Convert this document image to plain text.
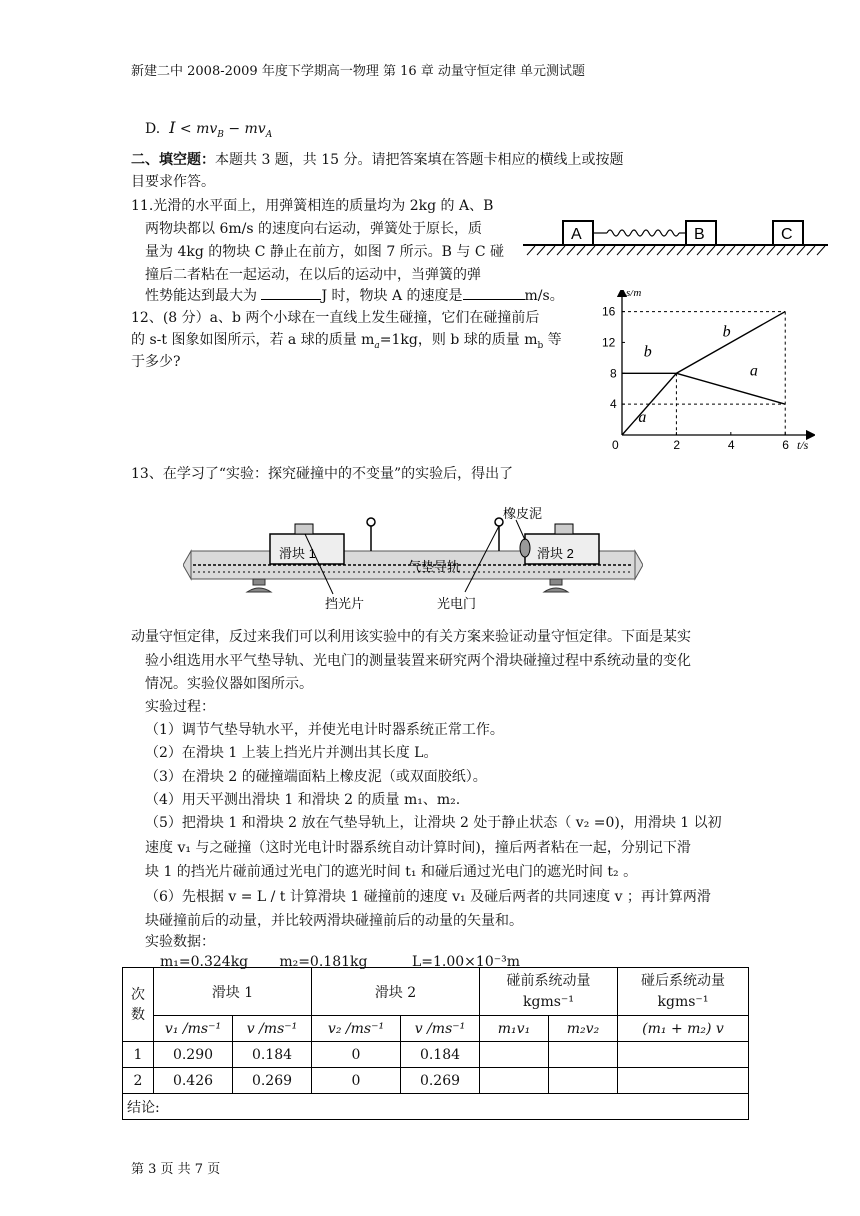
新建二中 2008-2009 年度下学期高一物理 第 16 章 动量守恒定律 单元测试题
D. $I < mv_B - mv_A$
二、填空题：本题共 3 题，共 15 分。请把答案填在答题卡相应的横线上或按题
目要求作答。
11.光滑的水平面上，用弹簧相连的质量均为 2kg 的 A、B
两物块都以 6m/s 的速度向右运动，弹簧处于原长，质
量为 4kg 的物块 C 静止在前方，如图 7 所示。B 与 C 碰
撞后二者粘在一起运动，在以后的运动中，当弹簧的弹
性势能达到最大为	J 时，物块 A 的速度是	m/s。
A	B	C
12、(8 分）a、b 两个小球在一直线上发生碰撞，它们在碰撞前后
的 s-t 图象如图所示，若 a 球的质量 $m_a=1kg$，则 b 球的质量 $m_b$ 等
于多少?
s/m
t/s
0	2	4	6
4
8
12
16
b
b
a
a
13、在学习了“实验：探究碰撞中的不变量”的实验后，得出了
滑块 1	滑块 2
气垫导轨
橡皮泥
挡光片	光电门
动量守恒定律，反过来我们可以利用该实验中的有关方案来验证动量守恒定律。下面是某实
验小组选用水平气垫导轨、光电门的测量装置来研究两个滑块碰撞过程中系统动量的变化
情况。实验仪器如图所示。
实验过程：
（1）调节气垫导轨水平，并使光电计时器系统正常工作。
（2）在滑块 1 上装上挡光片并测出其长度 L。
（3）在滑块 2 的碰撞端面粘上橡皮泥（或双面胶纸）。
（4）用天平测出滑块 1 和滑块 2 的质量 m₁、m₂.
（5）把滑块 1 和滑块 2 放在气垫导轨上，让滑块 2 处于静止状态（ v₂ =0)，用滑块 1 以初
速度 v₁ 与之碰撞（这时光电计时器系统自动计算时间)，撞后两者粘在一起，分别记下滑
块 1 的挡光片碰前通过光电门的遮光时间 t₁ 和碰后通过光电门的遮光时间 t₂ 。
（6）先根据 v = L / t 计算滑块 1 碰撞前的速度 v₁ 及碰后两者的共同速度 v ；再计算两滑
块碰撞前后的动量，并比较两滑块碰撞前后的动量的矢量和。
实验数据：
m₁=0.324kg m₂=0.181kg	L=1.00×10⁻³m
次数	滑块 1		滑块 2		碰前系统动量
kgms⁻¹		碰后系统动量
kgms⁻¹
	v₁ /ms⁻¹	v /ms⁻¹	v₂ /ms⁻¹	v /ms⁻¹	m₁v₁	m₂v₂	(m₁ + m₂) v
1	0.290	0.184	0	0.184			
2	0.426	0.269	0	0.269			
结论:							
第 3 页 共 7 页
